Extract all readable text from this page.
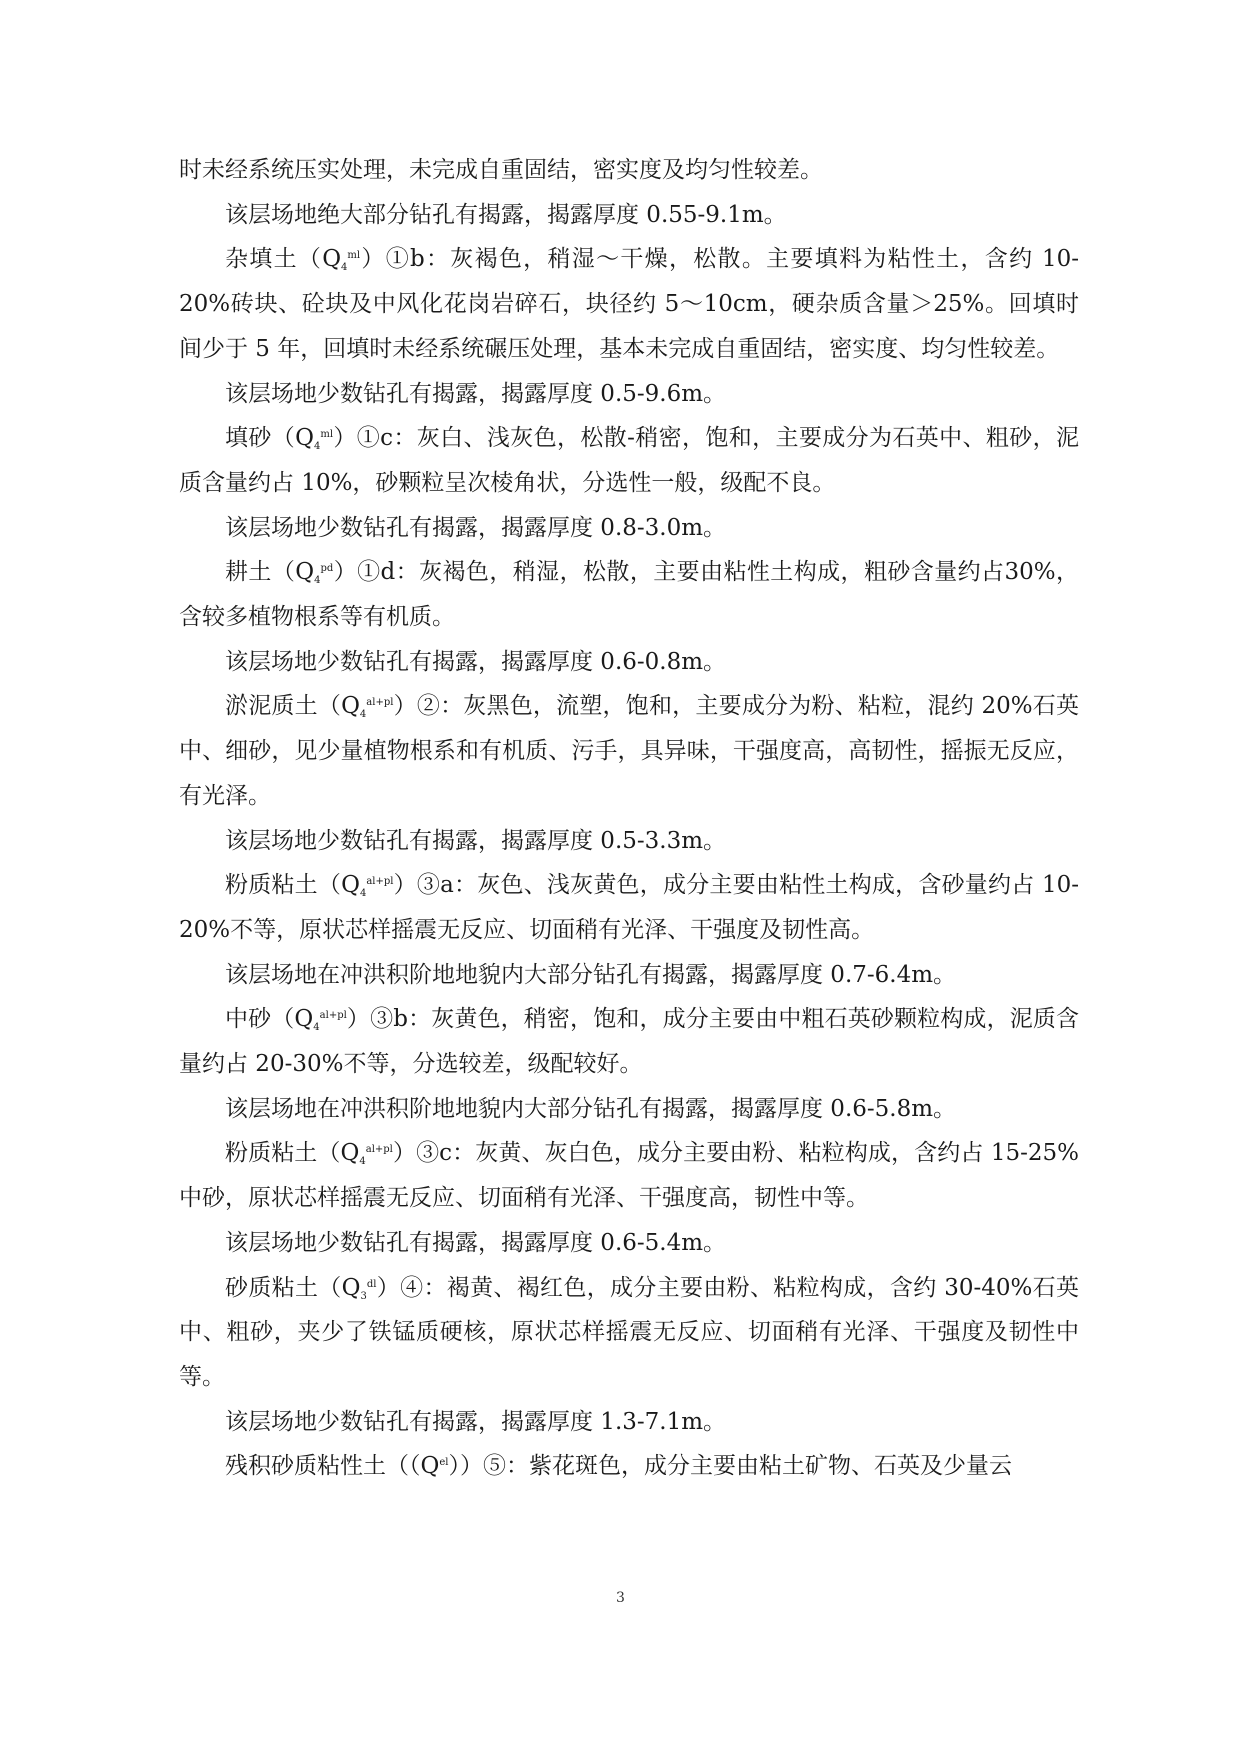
时未经系统压实处理，未完成自重固结，密实度及均匀性较差。

该层场地绝大部分钻孔有揭露，揭露厚度 0.55-9.1m。

杂填土$(Q_4^{ml})①b$：灰褐色，稍湿～干燥，松散。主要填料为粘性土，含约 10-20%砖块、砼块及中风化花岗岩碎石，块径约 5～10cm，硬杂质含量＞25%。回填时间少于 5 年，回填时未经系统碾压处理，基本未完成自重固结，密实度、均匀性较差。

该层场地少数钻孔有揭露，揭露厚度 0.5-9.6m。

填砂$(Q_4^{ml})①c$：灰白、浅灰色，松散-稍密，饱和，主要成分为石英中、粗砂，泥质含量约占 10%，砂颗粒呈次棱角状，分选性一般，级配不良。

该层场地少数钻孔有揭露，揭露厚度 0.8-3.0m。

耕土$(Q_4^{pd})①d$：灰褐色，稍湿，松散，主要由粘性土构成，粗砂含量约占30%，含较多植物根系等有机质。

该层场地少数钻孔有揭露，揭露厚度 0.6-0.8m。

淤泥质土$(Q_4^{al+pl})②$：灰黑色，流塑，饱和，主要成分为粉、粘粒，混约 20%石英中、细砂，见少量植物根系和有机质、污手，具异味，干强度高，高韧性，摇振无反应，有光泽。

该层场地少数钻孔有揭露，揭露厚度 0.5-3.3m。

粉质粘土$(Q_4^{al+pl})③a$：灰色、浅灰黄色，成分主要由粘性土构成，含砂量约占 10-20%不等，原状芯样摇震无反应、切面稍有光泽、干强度及韧性高。

该层场地在冲洪积阶地地貌内大部分钻孔有揭露，揭露厚度 0.7-6.4m。

中砂$(Q_4^{al+pl})③b$：灰黄色，稍密，饱和，成分主要由中粗石英砂颗粒构成，泥质含量约占 20-30%不等，分选较差，级配较好。

该层场地在冲洪积阶地地貌内大部分钻孔有揭露，揭露厚度 0.6-5.8m。

粉质粘土$(Q_4^{al+pl})③c$：灰黄、灰白色，成分主要由粉、粘粒构成，含约占 15-25%中砂，原状芯样摇震无反应、切面稍有光泽、干强度高，韧性中等。

该层场地少数钻孔有揭露，揭露厚度 0.6-5.4m。

砂质粘土$(Q_3^{dl})④$：褐黄、褐红色，成分主要由粉、粘粒构成，含约 30-40%石英中、粗砂，夹少了铁锰质硬核，原状芯样摇震无反应、切面稍有光泽、干强度及韧性中等。

该层场地少数钻孔有揭露，揭露厚度 1.3-7.1m。

残积砂质粘性土$((Q^{el}))⑤$：紫花斑色，成分主要由粘土矿物、石英及少量云

3
